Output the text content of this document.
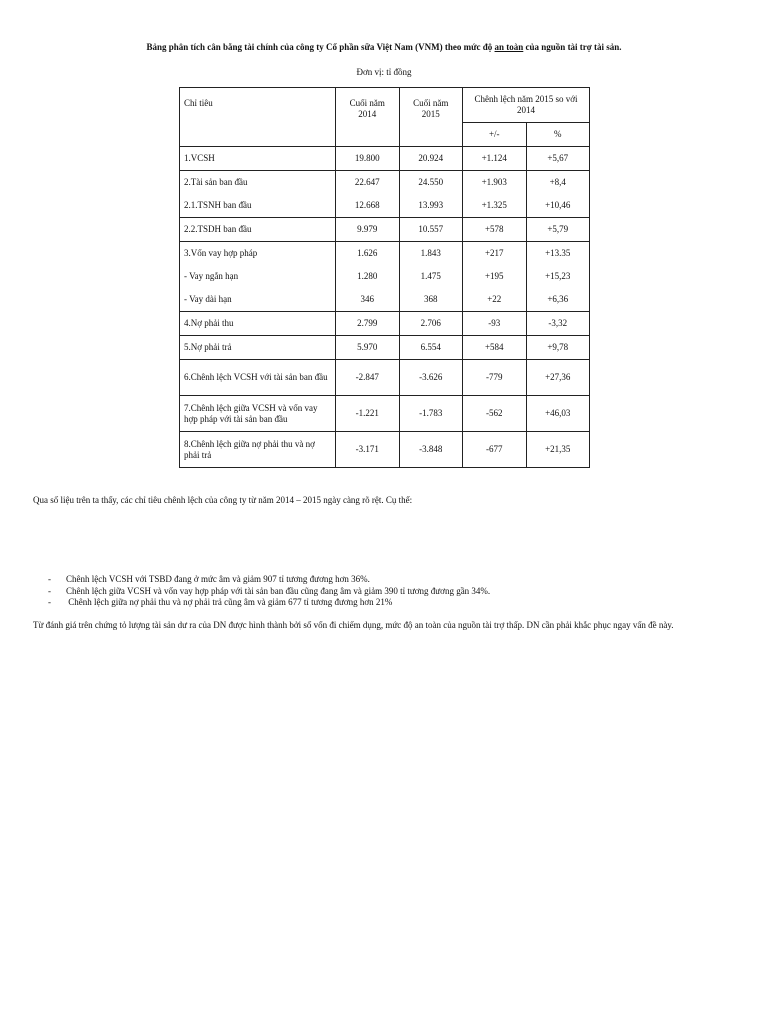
Bảng phân tích cân bằng tài chính của công ty Cổ phần sữa Việt Nam (VNM) theo mức độ an toàn của nguồn tài trợ tài sản.
Đơn vị: tỉ đồng
Chỉ tiêu	Cuối năm 2014	Cuối năm 2015	Chênh lệch năm 2015 so với 2014	
			+/-	%
1.VCSH	19.800	20.924	+1.124	+5,67
2.Tài sản ban đầu	22.647	24.550	+1.903	+8,4
2.1.TSNH ban đầu	12.668	13.993	+1.325	+10,46
2.2.TSDH ban đầu	9.979	10.557	+578	+5,79
3.Vốn vay hợp pháp	1.626	1.843	+217	+13.35
- Vay ngắn hạn	1.280	1.475	+195	+15,23
- Vay dài hạn	346	368	+22	+6,36
4.Nợ phải thu	2.799	2.706	-93	-3,32
5.Nợ phải trả	5.970	6.554	+584	+9,78
6.Chênh lệch VCSH với tài sản ban đầu	-2.847	-3.626	-779	+27,36
7.Chênh lệch giữa VCSH và vốn vay hợp pháp với tài sản ban đầu	-1.221	-1.783	-562	+46,03
8.Chênh lệch giữa nợ phải thu và nợ phải trả	-3.171	-3.848	-677	+21,35
Qua số liệu trên ta thấy, các chỉ tiêu chênh lệch của công ty từ năm 2014 – 2015 ngày càng rõ rệt. Cụ thể:
- Chênh lệch VCSH với TSBD đang ở mức âm và giảm 907 tỉ tương đương hơn 36%.
- Chênh lệch giữa VCSH và vốn vay hợp pháp với tài sản ban đầu cũng đang âm và giảm 390 tỉ tương đương gần 34%.
- Chênh lệch giữa nợ phải thu và nợ phải trả cũng âm và giảm 677 tỉ tương đương hơn 21%
Từ đánh giá trên chứng tỏ lượng tài sản dư ra của DN được hình thành bởi số vốn đi chiếm dụng, mức độ an toàn của nguồn tài trợ thấp. DN cần phải khắc phục ngay vấn đề này.
